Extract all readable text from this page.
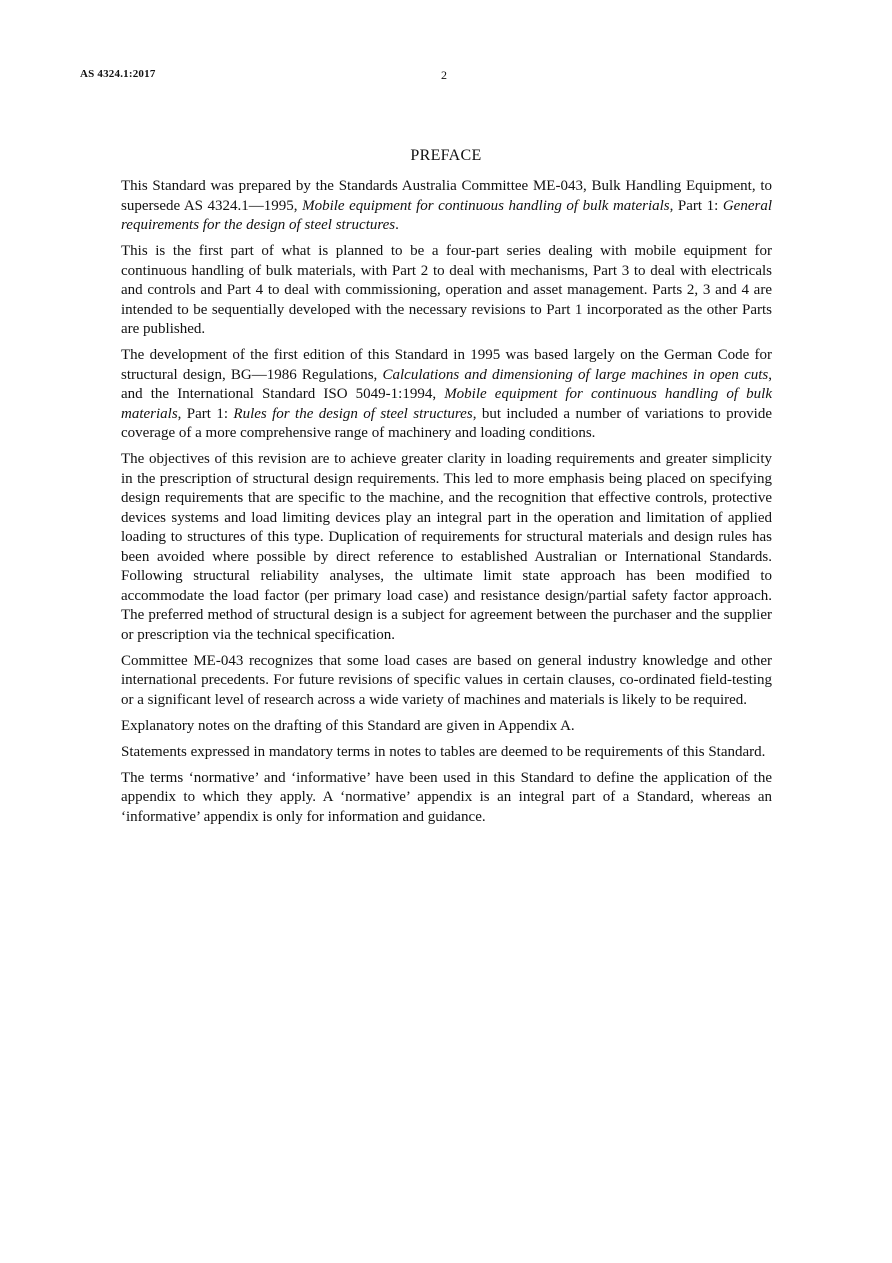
AS 4324.1:2017	2
PREFACE

This Standard was prepared by the Standards Australia Committee ME-043, Bulk Handling Equipment, to supersede AS 4324.1—1995, Mobile equipment for continuous handling of bulk materials, Part 1: General requirements for the design of steel structures.

This is the first part of what is planned to be a four-part series dealing with mobile equipment for continuous handling of bulk materials, with Part 2 to deal with mechanisms, Part 3 to deal with electricals and controls and Part 4 to deal with commissioning, operation and asset management. Parts 2, 3 and 4 are intended to be sequentially developed with the necessary revisions to Part 1 incorporated as the other Parts are published.

The development of the first edition of this Standard in 1995 was based largely on the German Code for structural design, BG—1986 Regulations, Calculations and dimensioning of large machines in open cuts, and the International Standard ISO 5049-1:1994, Mobile equipment for continuous handling of bulk materials, Part 1: Rules for the design of steel structures, but included a number of variations to provide coverage of a more comprehensive range of machinery and loading conditions.

The objectives of this revision are to achieve greater clarity in loading requirements and greater simplicity in the prescription of structural design requirements. This led to more emphasis being placed on specifying design requirements that are specific to the machine, and the recognition that effective controls, protective devices systems and load limiting devices play an integral part in the operation and limitation of applied loading to structures of this type. Duplication of requirements for structural materials and design rules has been avoided where possible by direct reference to established Australian or International Standards. Following structural reliability analyses, the ultimate limit state approach has been modified to accommodate the load factor (per primary load case) and resistance design/partial safety factor approach. The preferred method of structural design is a subject for agreement between the purchaser and the supplier or prescription via the technical specification.

Committee ME-043 recognizes that some load cases are based on general industry knowledge and other international precedents. For future revisions of specific values in certain clauses, co-ordinated field-testing or a significant level of research across a wide variety of machines and materials is likely to be required.

Explanatory notes on the drafting of this Standard are given in Appendix A.

Statements expressed in mandatory terms in notes to tables are deemed to be requirements of this Standard.

The terms ‘normative’ and ‘informative’ have been used in this Standard to define the application of the appendix to which they apply. A ‘normative’ appendix is an integral part of a Standard, whereas an ‘informative’ appendix is only for information and guidance.
